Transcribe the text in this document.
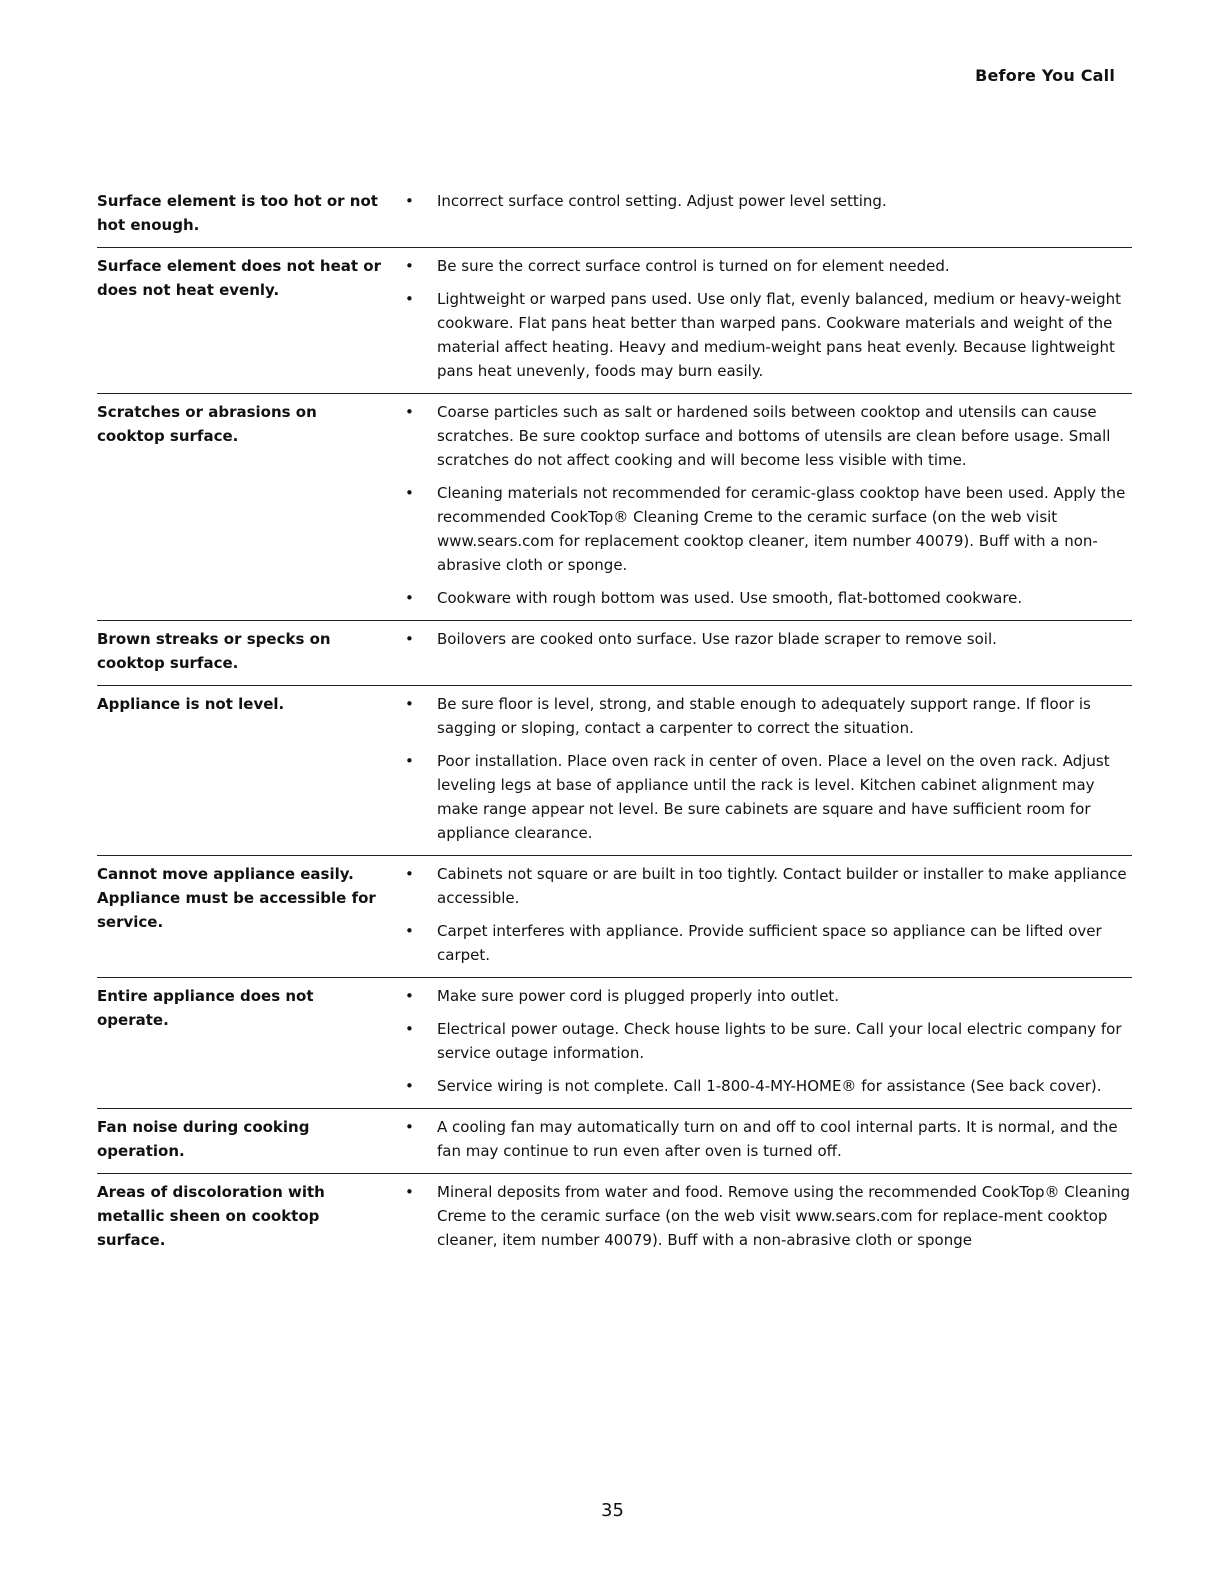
Before You Call
Surface element is too hot or not hot enough.
•	Incorrect surface control setting. Adjust power level setting.
Surface element does not heat or does not heat evenly.
•	Be sure the correct surface control is turned on for element needed.
•	Lightweight or warped pans used. Use only flat, evenly balanced, medium or heavy-weight cookware. Flat pans heat better than warped pans. Cookware materials and weight of the material affect heating. Heavy and medium-weight pans heat evenly. Because lightweight pans heat unevenly, foods may burn easily.
Scratches or abrasions on cooktop surface.
•	Coarse particles such as salt or hardened soils between cooktop and utensils can cause scratches. Be sure cooktop surface and bottoms of utensils are clean before usage. Small scratches do not affect cooking and will become less visible with time.
•	Cleaning materials not recommended for ceramic-glass cooktop have been used. Apply the recommended CookTop® Cleaning Creme to the ceramic surface (on the web visit www.sears.com for replacement cooktop cleaner, item number 40079). Buff with a non-abrasive cloth or sponge.
•	Cookware with rough bottom was used. Use smooth, flat-bottomed cookware.
Brown streaks or specks on cooktop surface.
•	Boilovers are cooked onto surface. Use razor blade scraper to remove soil.
Appliance is not level.	•	Be sure floor is level, strong, and stable enough to adequately support range. If floor is sagging or sloping, contact a carpenter to correct the situation.
•	Poor installation. Place oven rack in center of oven. Place a level on the oven rack. Adjust leveling legs at base of appliance until the rack is level. Kitchen cabinet alignment may make range appear not level. Be sure cabinets are square and have sufficient room for appliance clearance.
Cannot move appliance easily. Appliance must be accessible for service.
•	Cabinets not square or are built in too tightly. Contact builder or installer to make appliance accessible.
•	Carpet interferes with appliance. Provide sufficient space so appliance can be lifted over carpet.
Entire appliance does not operate.
•	Make sure power cord is plugged properly into outlet.
•	Electrical power outage. Check house lights to be sure. Call your local electric company for service outage information.
•	Service wiring is not complete. Call 1-800-4-MY-HOME® for assistance (See back cover).
Fan noise during cooking operation.
•	A cooling fan may automatically turn on and off to cool internal parts. It is normal, and the fan may continue to run even after oven is turned off.
Areas of discoloration with metallic sheen on cooktop surface.
•	Mineral deposits from water and food. Remove using the recommended CookTop® Cleaning Creme to the ceramic surface (on the web visit www.sears.com for replace-ment cooktop cleaner, item number 40079). Buff with a non-abrasive cloth or sponge
35
